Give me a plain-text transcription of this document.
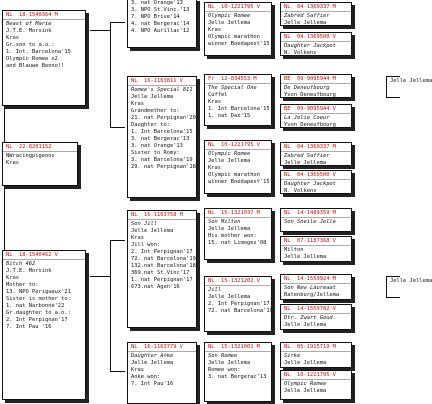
NL  22-8201152
NWracingpigeons
Kras
NL  18-1540364 M
Beast of Marie
J.T.E. Morsink
Kras
Gr.son to a.o.:
1. Int. Barcelona'15
Olympic Romee x2
and Blauwe Benno!!
NL  18-1540462 V
Bitch 462
J.T.E. Morsink
Kras
Mother to:
13. NPO Perigueux'21
Sister is mother to:
1. nat Narbonne'22
Gr.daughter to a.o.:
2. Int Perpignan'17
7. Int Pau '16
3. nat Orange'13
3. NPO St.Vinc.'13
7. NPO Brive'14
4. nat Bergerac'14
4. NPO Aurillac'12
NL  16-1163811 V
Romee's Special 811
Jelle Jellema
Kras
Grandmother to:
21. nat Perpignan'20
Daughter to:
1. Int Barcelona'15
3. nat Bergerac'13
3. nat Orange'13
Sister to Romy:
3. nat Barcelona'19
29. nat Perpignan'18
NL  16-1163758 M
Son Jill
Jelle Jellema
Kras
Jill won:
2. Int Perpignan'17
72. nat Barcelona'19
132.nat Barcelona'18
369.nat St.Vinc'17
1. nat Perpignan'17
673.nat Agen'16
NL  16-1163779 V
Daughter Anke
Jelle Jellema
Kras
Anke won:
7. Int Pau'16
NL  10-1221795 V
Olympic Romee
Jelle Jellema
Kras
Olympic marathon
winner Boedapest'15
Fr  12-034553 M
The Special One
Cuffel
Kras
1. Int Barcelona'15
1. nat Dax'15
NL  10-1221795 V
Olympic Romee
Jelle Jellema
Kras
Olympic marathon
winner Boedapest'15
NL  15-1321037 M
Son Milton
Jelle Jellema
His mother won:
15. nat Limoges'08
NL  15-1321202 V
Jill
Jelle Jellema
2. Int Perpignan'17
72. nat Barcelona'19
NL  15-1321001 M
Son Romee
Jelle Jellema
Romee won:
3. nat Bergerac'13
NL  04-1369337 M
Zabred Saffier
Jelle Jellema
NL  04-1369500 V
Daughter Jackpot
N. Volkens
BE  09-9095944 M
De Deneufbourg
Yvon Deneufbourg
BE  09-9095944 V
La Jolie Coeur
Yvon Deneufbourg
NL  04-1369337 M
Zabred Saffier
Jelle Jellema
NL  04-1369500 V
Daughter Jackpot
N. Volkens
NL  14-1489359 M
Son Sneile Jelle
NL  07-1187368 V
Milton
Jelle Jellema
NL  14-1559924 M
Son New Laureaat
Batenburg/Jellema
NL  14-1559782 V
Dtr. Zwart Goud
Jelle Jellema
NL  05-1915719 M
Sirke
Jelle Jellema
NL  10-1221795 V
Olympic Romee
Jelle Jellema
Jelle Jellema
Jelle Jellema
